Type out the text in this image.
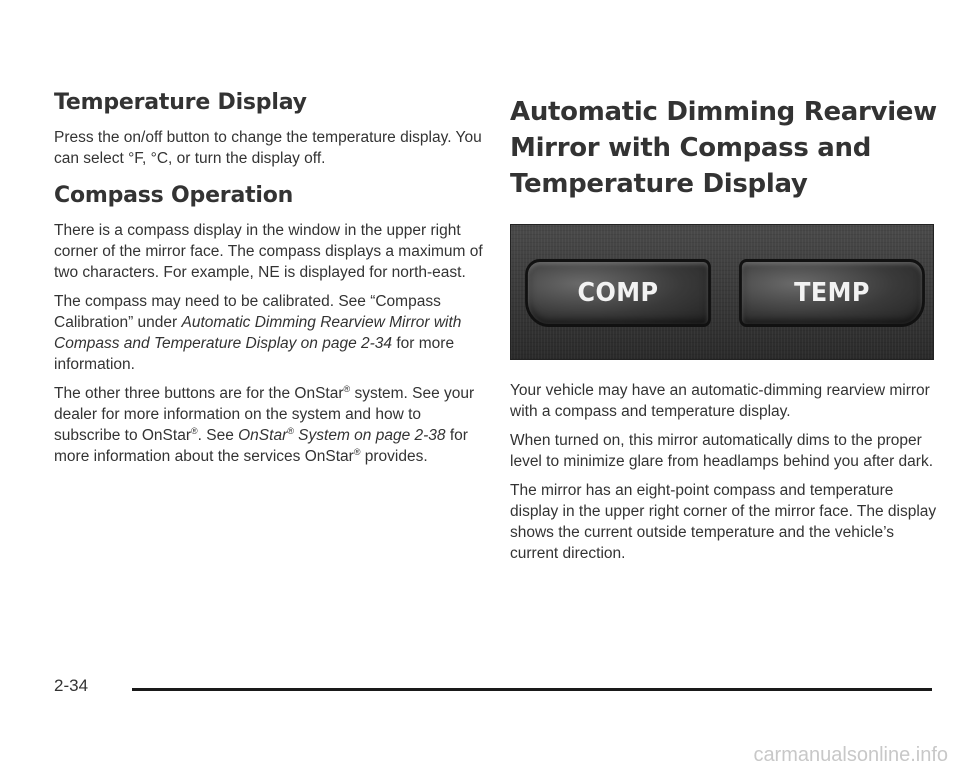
Temperature Display

Press the on/off button to change the temperature display. You can select °F, °C, or turn the display off.

Compass Operation

There is a compass display in the window in the upper right corner of the mirror face. The compass displays a maximum of two characters. For example, NE is displayed for north-east.

The compass may need to be calibrated. See “Compass Calibration” under Automatic Dimming Rearview Mirror with Compass and Temperature Display on page 2-34 for more information.

The other three buttons are for the OnStar® system. See your dealer for more information on the system and how to subscribe to OnStar®. See OnStar® System on page 2-38 for more information about the services OnStar® provides.

Automatic Dimming Rearview Mirror with Compass and Temperature Display
COMP	TEMP

Your vehicle may have an automatic-dimming rearview mirror with a compass and temperature display.

When turned on, this mirror automatically dims to the proper level to minimize glare from headlamps behind you after dark.

The mirror has an eight-point compass and temperature display in the upper right corner of the mirror face. The display shows the current outside temperature and the vehicle’s current direction.

2-34
carmanualsonline.info
